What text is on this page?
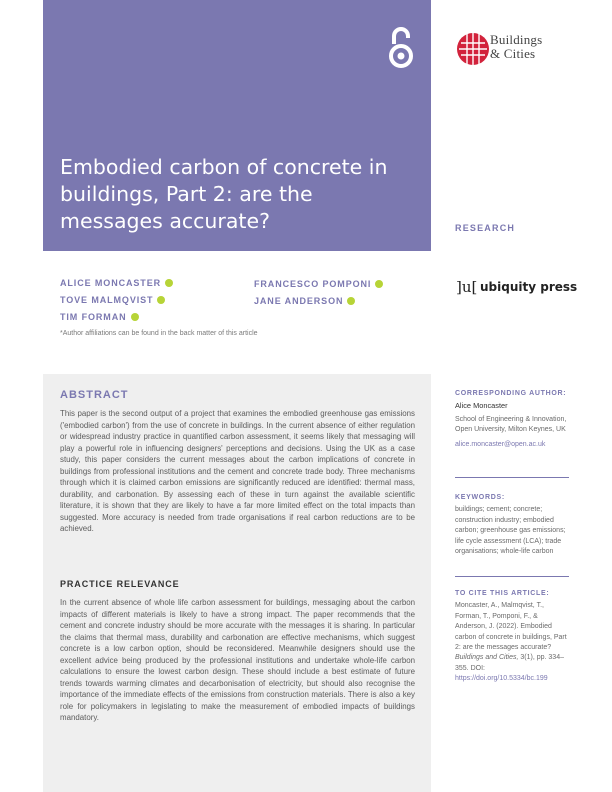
Embodied carbon of concrete in buildings, Part 2: are the messages accurate?
Buildings
& Cities
RESEARCH
ALICE MONCASTER
TOVE MALMQVIST
TIM FORMAN
FRANCESCO POMPONI
JANE ANDERSON
*Author affiliations can be found in the back matter of this article
]u[ ubiquity press
ABSTRACT

This paper is the second output of a project that examines the embodied greenhouse gas emissions ('embodied carbon') from the use of concrete in buildings. In the current absence of either regulation or widespread industry practice in quantified carbon assessment, it seems likely that messaging will play a powerful role in influencing designers' perceptions and decisions. Using the UK as a case study, this paper considers the current messages about the carbon implications of concrete in buildings from professional institutions and the cement and concrete trade body. Three mechanisms through which it is claimed carbon emissions are significantly reduced are identified: thermal mass, durability, and carbonation. By assessing each of these in turn against the available scientific literature, it is shown that they are likely to have a far more limited effect on the total impacts than suggested. More accuracy is needed from trade organisations if real carbon reductions are to be achieved.

PRACTICE RELEVANCE

In the current absence of whole life carbon assessment for buildings, messaging about the carbon impacts of different materials is likely to have a strong impact. The paper recommends that the cement and concrete industry should be more accurate with the messages it is sharing. In particular the claims that thermal mass, durability and carbonation are effective mechanisms, which suggest concrete is a low carbon option, should be reconsidered. Meanwhile designers should use the excellent advice being produced by the professional institutions and undertake whole-life carbon calculations to ensure the lowest carbon design. These should include a best estimate of future trends towards warming climates and decarbonisation of electricity, but should also recognise the importance of the immediate effects of the emissions from construction materials. There is also a key role for policymakers in legislating to make the measurement of embodied impacts of buildings mandatory.

CORRESPONDING AUTHOR:
Alice Moncaster
School of Engineering & Innovation, Open University, Milton Keynes, UK
alice.moncaster@open.ac.uk
KEYWORDS:
buildings; cement; concrete; construction industry; embodied carbon; greenhouse gas emissions; life cycle assessment (LCA); trade organisations; whole-life carbon
TO CITE THIS ARTICLE:
Moncaster, A., Malmqvist, T., Forman, T., Pomponi, F., & Anderson, J. (2022). Embodied carbon of concrete in buildings, Part 2: are the messages accurate? Buildings and Cities, 3(1), pp. 334–355. DOI: https://doi.org/10.5334/bc.199
